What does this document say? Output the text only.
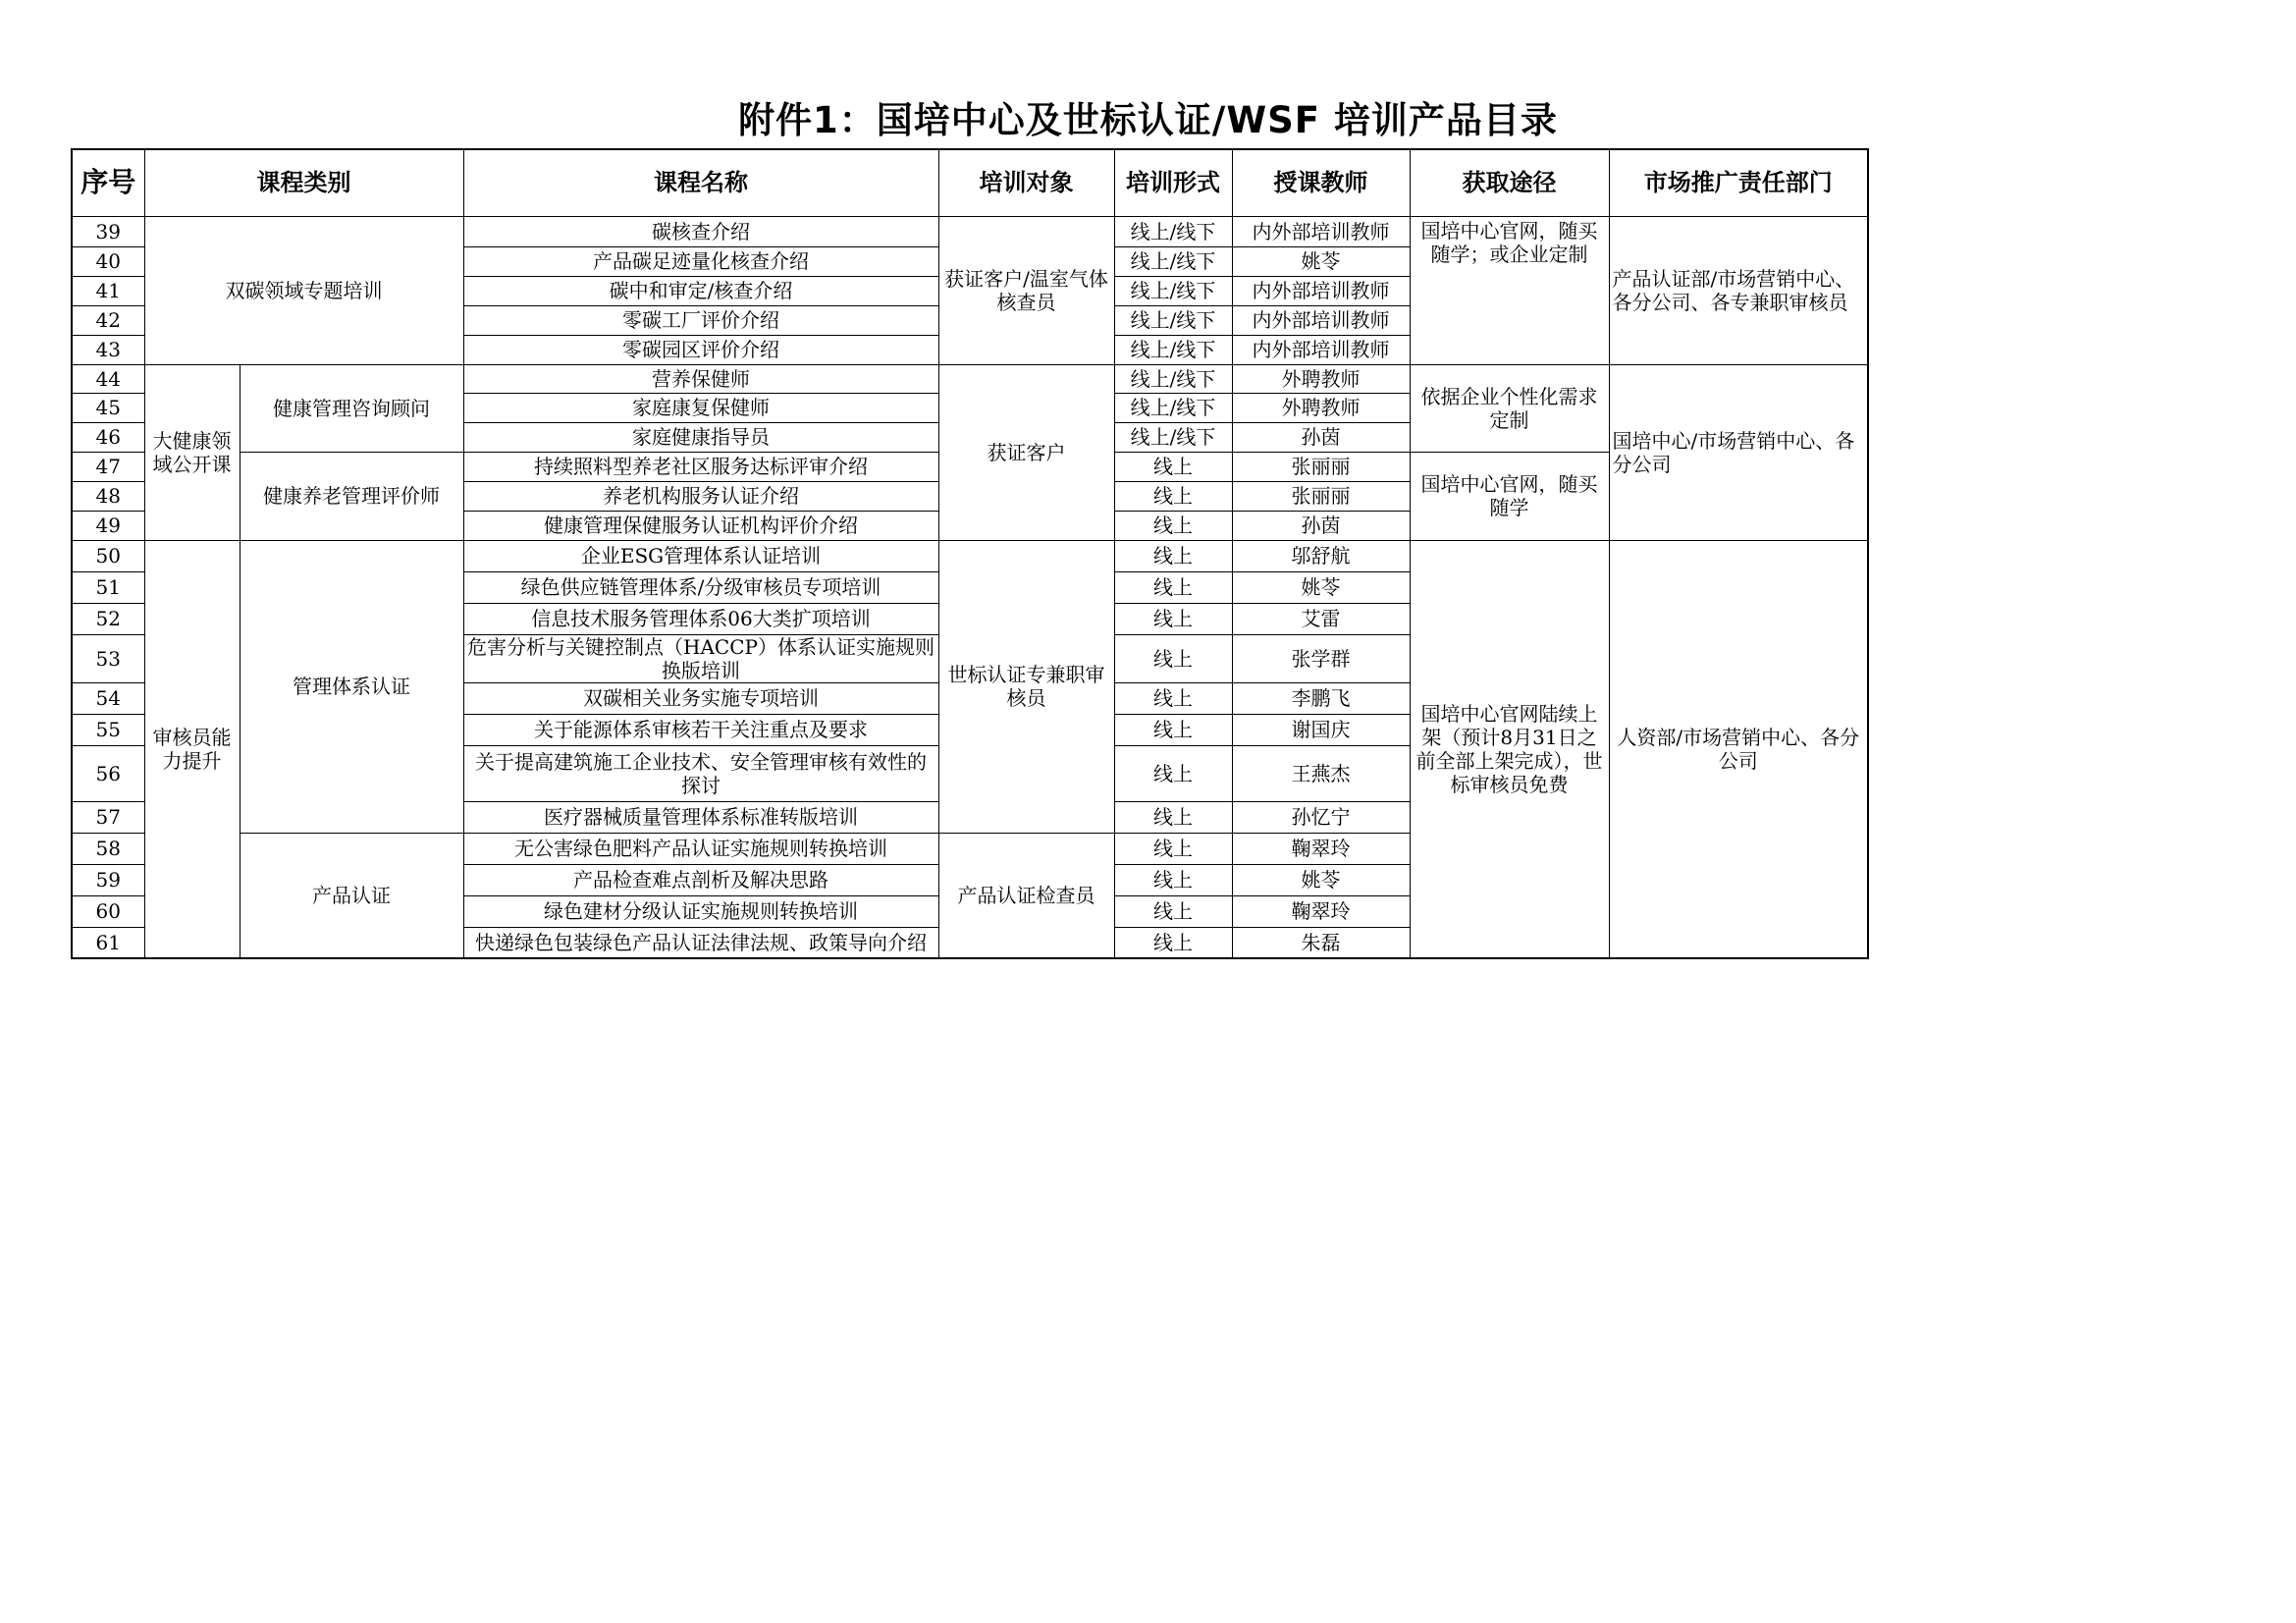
附件1：国培中心及世标认证/WSF 培训产品目录
序号	课程类别		课程名称	培训对象	培训形式	授课教师	获取途径	市场推广责任部门
39	双碳领域专题培训		碳核查介绍	获证客户/温室气体核查员	线上/线下	内外部培训教师	国培中心官网，随买随学；或企业定制	产品认证部/市场营销中心、各分公司、各专兼职审核员
40			产品碳足迹量化核查介绍		线上/线下	姚苓		
41			碳中和审定/核查介绍		线上/线下	内外部培训教师		
42			零碳工厂评价介绍		线上/线下	内外部培训教师		
43			零碳园区评价介绍		线上/线下	内外部培训教师		
44	大健康领域公开课	健康管理咨询顾问	营养保健师	获证客户	线上/线下	外聘教师	依据企业个性化需求定制	国培中心/市场营销中心、各分公司
45			家庭康复保健师		线上/线下	外聘教师		
46			家庭健康指导员		线上/线下	孙茵		
47		健康养老管理评价师	持续照料型养老社区服务达标评审介绍		线上	张丽丽	国培中心官网，随买随学	
48			养老机构服务认证介绍		线上	张丽丽		
49			健康管理保健服务认证机构评价介绍		线上	孙茵		
50	审核员能力提升	管理体系认证	企业ESG管理体系认证培训	世标认证专兼职审核员	线上	邬舒航	国培中心官网陆续上架（预计8月31日之前全部上架完成），世标审核员免费	人资部/市场营销中心、各分公司
51			绿色供应链管理体系/分级审核员专项培训		线上	姚苓		
52			信息技术服务管理体系06大类扩项培训		线上	艾雷		
53			危害分析与关键控制点（HACCP）体系认证实施规则换版培训		线上	张学群		
54			双碳相关业务实施专项培训		线上	李鹏飞		
55			关于能源体系审核若干关注重点及要求		线上	谢国庆		
56			关于提高建筑施工企业技术、安全管理审核有效性的探讨		线上	王燕杰		
57			医疗器械质量管理体系标准转版培训		线上	孙忆宁		
58		产品认证	无公害绿色肥料产品认证实施规则转换培训	产品认证检查员	线上	鞠翠玲		
59			产品检查难点剖析及解决思路		线上	姚苓		
60			绿色建材分级认证实施规则转换培训		线上	鞠翠玲		
61			快递绿色包装绿色产品认证法律法规、政策导向介绍		线上	朱磊		
